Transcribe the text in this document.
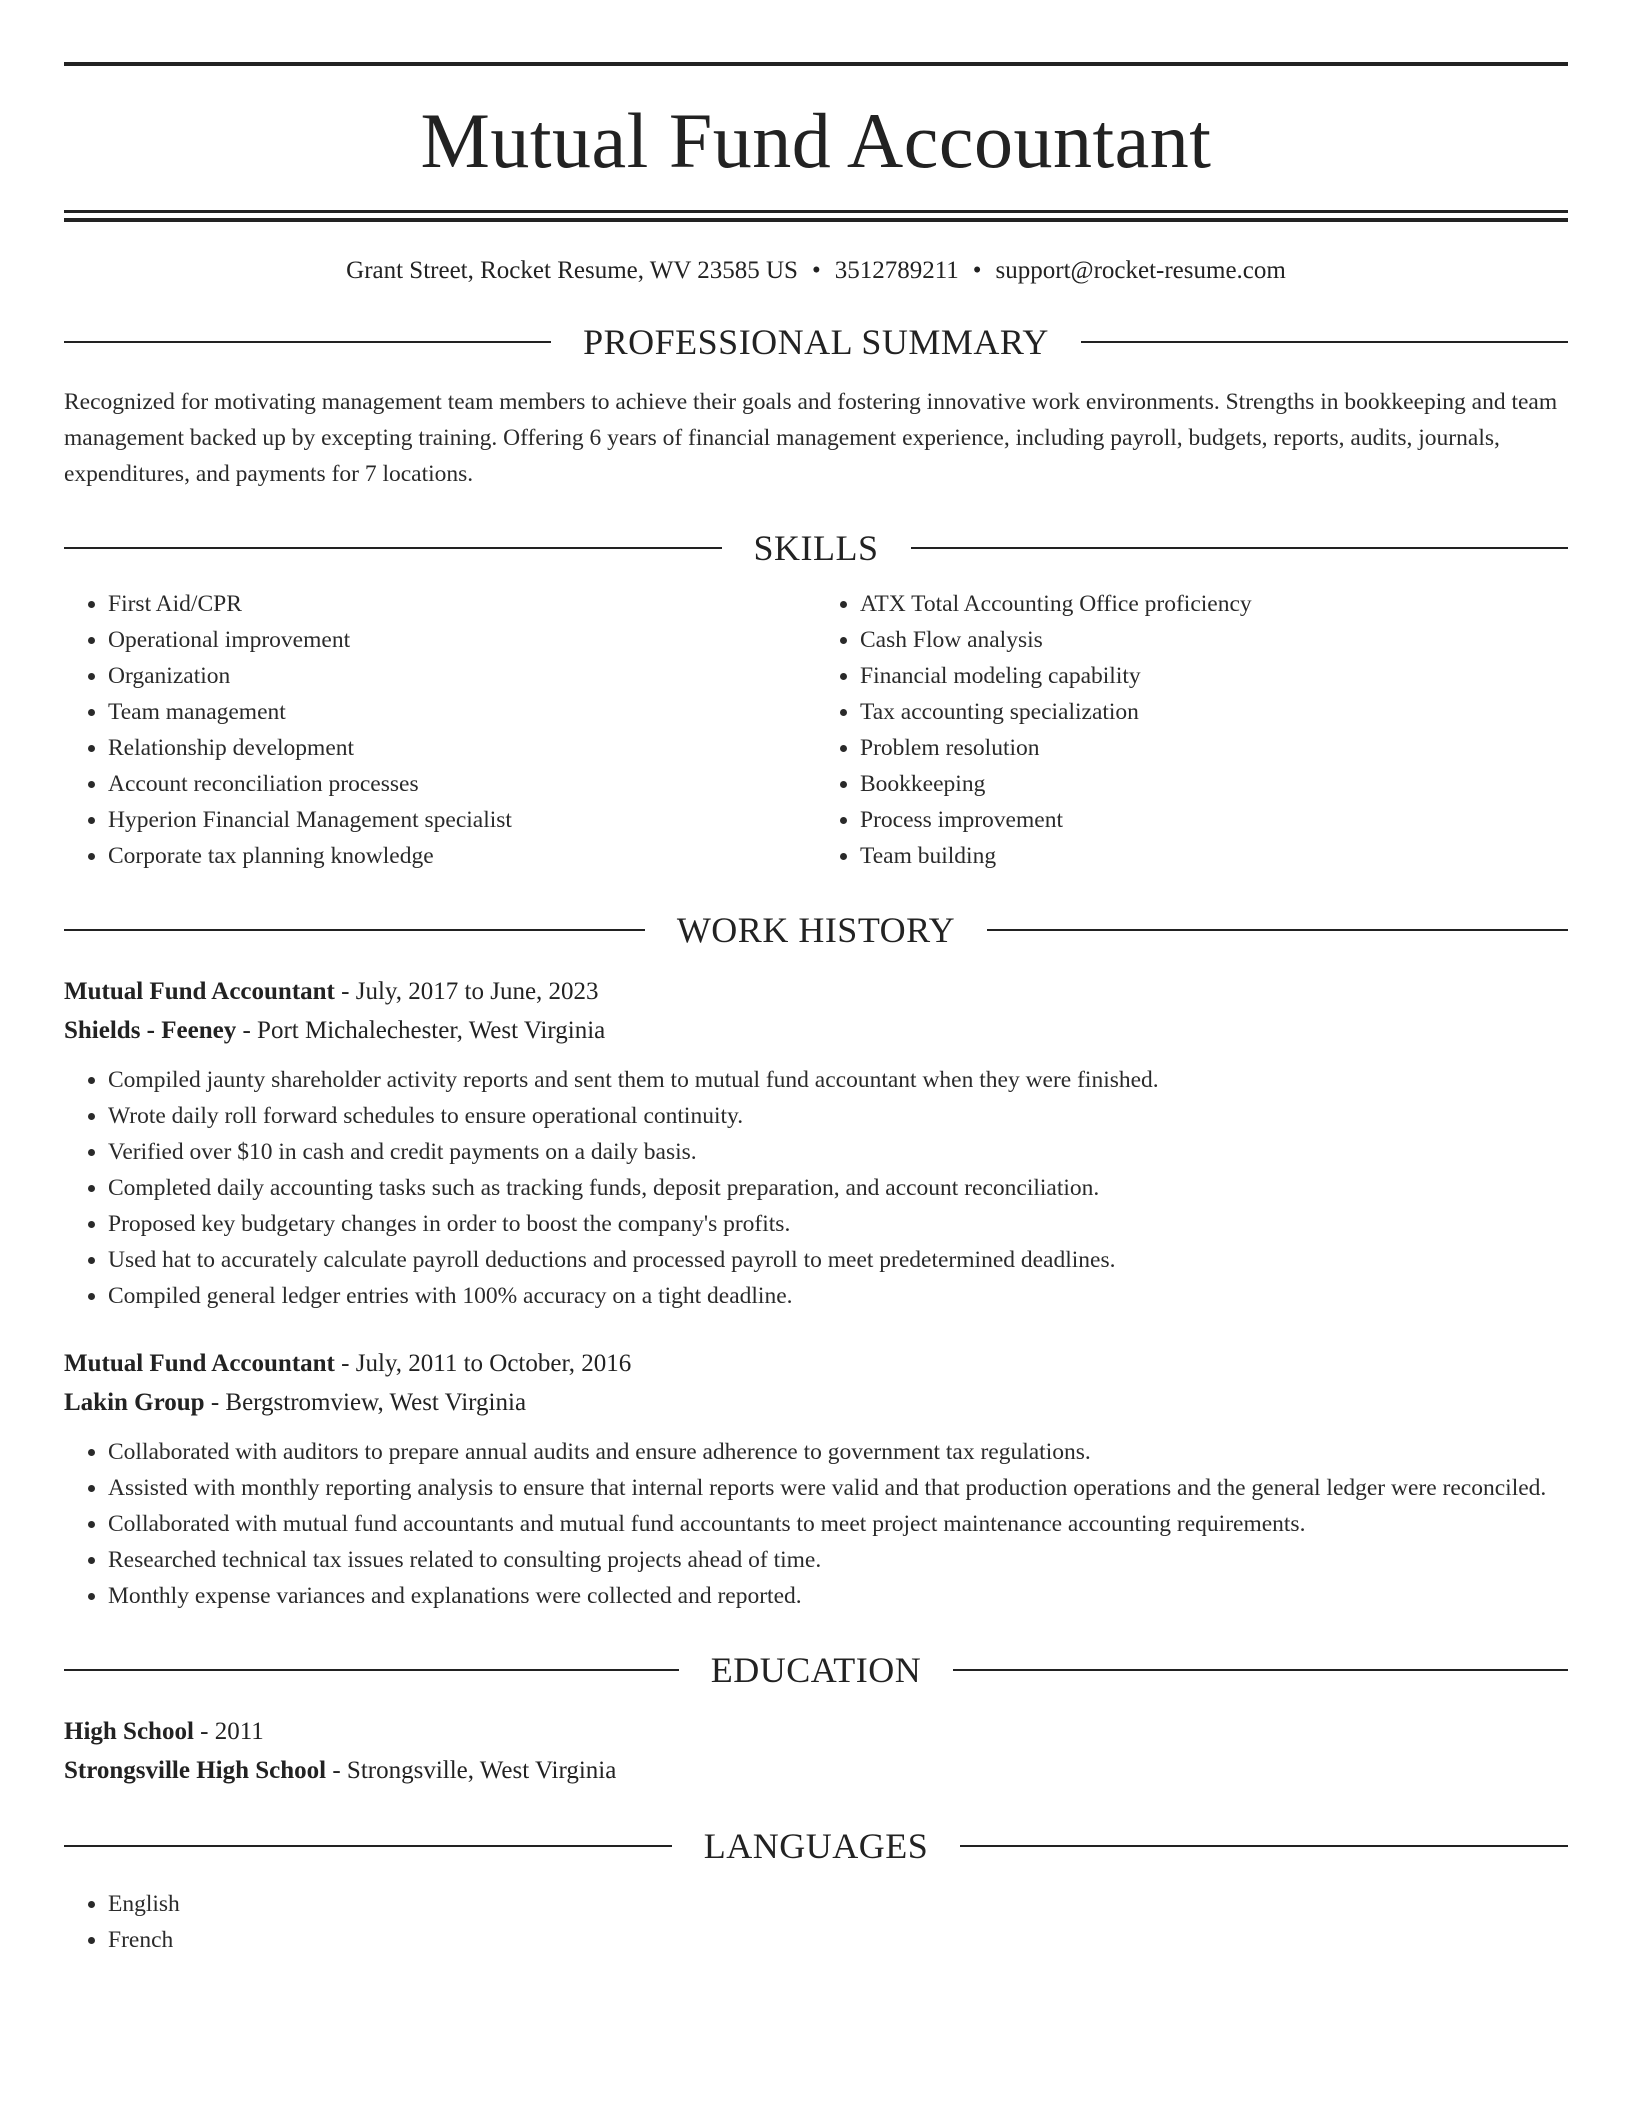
Mutual Fund Accountant
Grant Street, Rocket Resume, WV 23585 US • 3512789211 • support@rocket-resume.com
PROFESSIONAL SUMMARY
Recognized for motivating management team members to achieve their goals and fostering innovative work environments. Strengths in bookkeeping and team management backed up by excepting training. Offering 6 years of financial management experience, including payroll, budgets, reports, audits, journals, expenditures, and payments for 7 locations.
SKILLS
• First Aid/CPR
• Operational improvement
• Organization
• Team management
• Relationship development
• Account reconciliation processes
• Hyperion Financial Management specialist
• Corporate tax planning knowledge
• ATX Total Accounting Office proficiency
• Cash Flow analysis
• Financial modeling capability
• Tax accounting specialization
• Problem resolution
• Bookkeeping
• Process improvement
• Team building
WORK HISTORY
Mutual Fund Accountant - July, 2017 to June, 2023
Shields - Feeney - Port Michalechester, West Virginia
• Compiled jaunty shareholder activity reports and sent them to mutual fund accountant when they were finished.
• Wrote daily roll forward schedules to ensure operational continuity.
• Verified over $10 in cash and credit payments on a daily basis.
• Completed daily accounting tasks such as tracking funds, deposit preparation, and account reconciliation.
• Proposed key budgetary changes in order to boost the company's profits.
• Used hat to accurately calculate payroll deductions and processed payroll to meet predetermined deadlines.
• Compiled general ledger entries with 100% accuracy on a tight deadline.
Mutual Fund Accountant - July, 2011 to October, 2016
Lakin Group - Bergstromview, West Virginia
• Collaborated with auditors to prepare annual audits and ensure adherence to government tax regulations.
• Assisted with monthly reporting analysis to ensure that internal reports were valid and that production operations and the general ledger were reconciled.
• Collaborated with mutual fund accountants and mutual fund accountants to meet project maintenance accounting requirements.
• Researched technical tax issues related to consulting projects ahead of time.
• Monthly expense variances and explanations were collected and reported.
EDUCATION
High School - 2011
Strongsville High School - Strongsville, West Virginia
LANGUAGES
• English
• French
